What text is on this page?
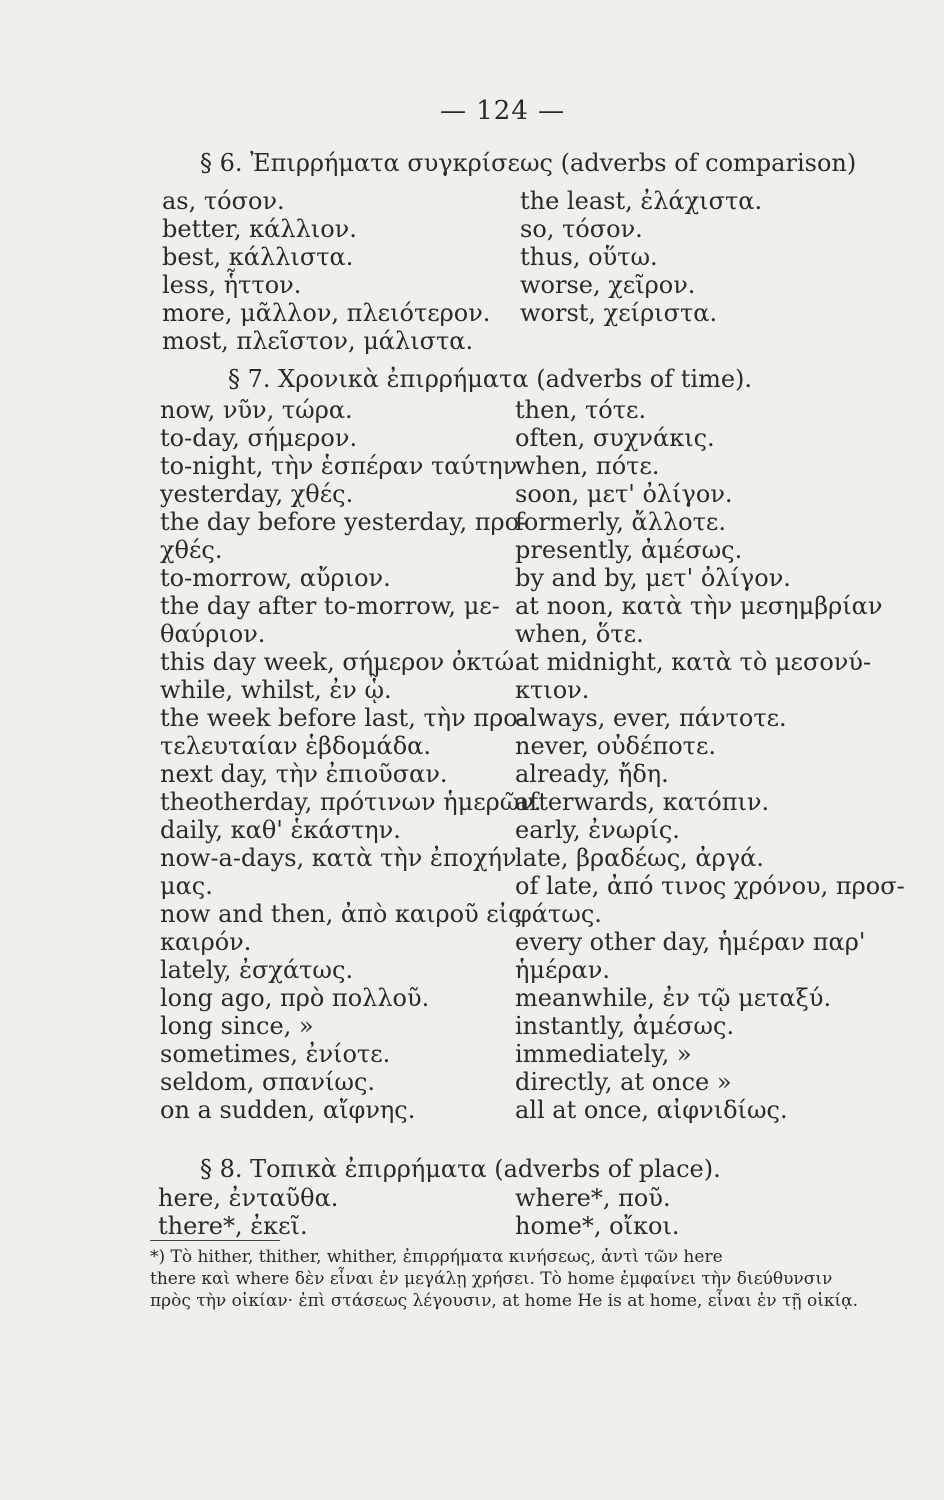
— 124 —
§ 6. Ἐπιρρήματα συγκρίσεως (adverbs of comparison)
as, τόσον.
better, κάλλιον.
best, κάλλιστα.
less, ἧττον.
more, μᾶλλον, πλειότερον.
most, πλεῖστον, μάλιστα.
the least, ἐλάχιστα.
so, τόσον.
thus, οὕτω.
worse, χεῖρον.
worst, χείριστα.
§ 7. Χρονικὰ ἐπιρρήματα (adverbs of time).
now, νῦν, τώρα.
to-day, σήμερον.
to-night, τὴν ἑσπέραν ταύτην.
yesterday, χθές.
the day before yesterday, προ-
χθές.
to-morrow, αὔριον.
the day after to-morrow, με-
θαύριον.
this day week, σήμερον ὀκτώ.
while, whilst, ἐν ᾧ.
the week before last, τὴν προ-
τελευταίαν ἑβδομάδα.
next day, τὴν ἐπιοῦσαν.
theotherday, πρότινων ἡμερῶν.
daily, καθ' ἑκάστην.
now-a-days, κατὰ τὴν ἐποχήν
μας.
now and then, ἀπὸ καιροῦ εἰς
καιρόν.
lately, ἐσχάτως.
long ago, πρὸ πολλοῦ.
long since, »
sometimes, ἐνίοτε.
seldom, σπανίως.
on a sudden, αἴφνης.
then, τότε.
often, συχνάκις.
when, πότε.
soon, μετ' ὀλίγον.
formerly, ἄλλοτε.
presently, ἀμέσως.
by and by, μετ' ὀλίγον.
at noon, κατὰ τὴν μεσημβρίαν
when, ὅτε.
at midnight, κατὰ τὸ μεσονύ-
κτιον.
always, ever, πάντοτε.
never, οὐδέποτε.
already, ἤδη.
afterwards, κατόπιν.
early, ἐνωρίς.
late, βραδέως, ἀργά.
of late, ἀπό τινος χρόνου, προσ-
φάτως.
every other day, ἡμέραν παρ'
ἡμέραν.
meanwhile, ἐν τῷ μεταξύ.
instantly, ἀμέσως.
immediately, »
directly, at once »
all at once, αἰφνιδίως.
§ 8. Τοπικὰ ἐπιρρήματα (adverbs of place).
here, ἐνταῦθα.
there*, ἐκεῖ.
where*, ποῦ.
home*, οἴκοι.
*) Τὸ hither, thither, whither, ἐπιρρήματα κινήσεως, ἀντὶ τῶν here
there καὶ where δὲν εἶναι ἐν μεγάλῃ χρήσει. Τὸ home ἐμφαίνει τὴν διεύθυνσιν
πρὸς τὴν οἰκίαν· ἐπὶ στάσεως λέγουσιν, at home He is at home, εἶναι ἐν τῇ οἰκίᾳ.
